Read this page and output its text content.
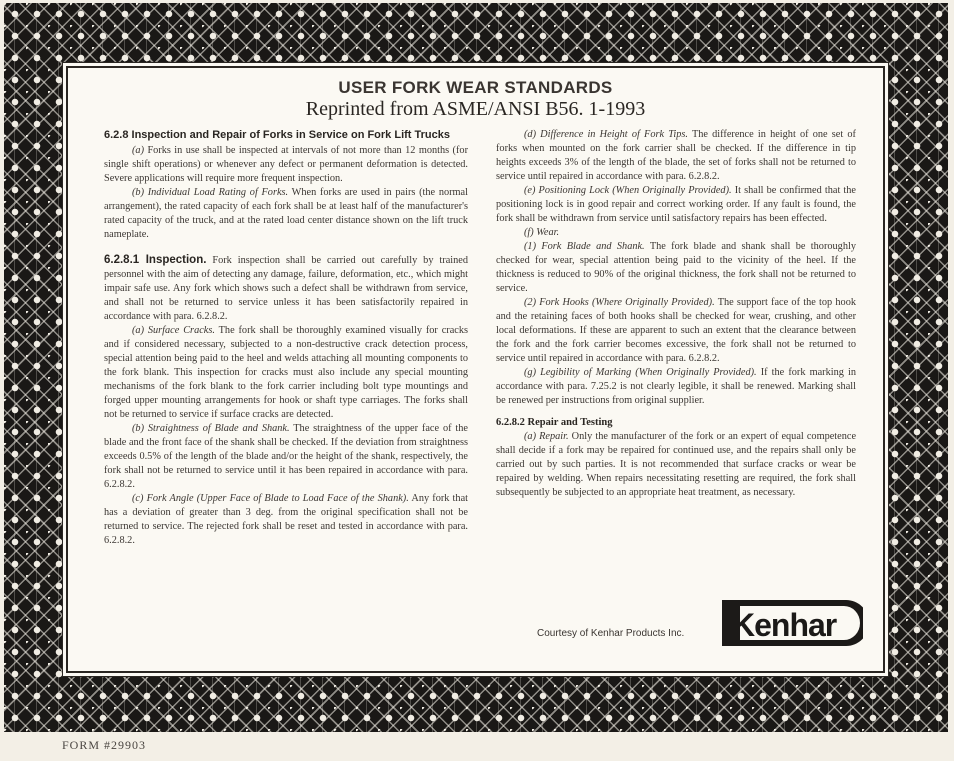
USER FORK WEAR STANDARDS
Reprinted from ASME/ANSI B56. 1-1993
6.2.8 Inspection and Repair of Forks in Service on Fork Lift Trucks

(a) Forks in use shall be inspected at intervals of not more than 12 months (for single shift operations) or whenever any defect or permanent deformation is detected. Severe applications will require more frequent inspection.

(b) Individual Load Rating of Forks. When forks are used in pairs (the normal arrangement), the rated capacity of each fork shall be at least half of the manufacturer's rated capacity of the truck, and at the rated load center distance shown on the lift truck nameplate.

6.2.8.1 Inspection. Fork inspection shall be carried out carefully by trained personnel with the aim of detecting any damage, failure, deformation, etc., which might impair safe use. Any fork which shows such a defect shall be withdrawn from service, and shall not be returned to service unless it has been satisfactorily repaired in accordance with para. 6.2.8.2.

(a) Surface Cracks. The fork shall be thoroughly examined visually for cracks and if considered necessary, subjected to a non-destructive crack detection process, special attention being paid to the heel and welds attaching all mounting components to the fork blank. This inspection for cracks must also include any special mounting mechanisms of the fork blank to the fork carrier including bolt type mountings and forged upper mounting arrangements for hook or shaft type carriages. The forks shall not be returned to service if surface cracks are detected.

(b) Straightness of Blade and Shank. The straightness of the upper face of the blade and the front face of the shank shall be checked. If the deviation from straightness exceeds 0.5% of the length of the blade and/or the height of the shank, respectively, the fork shall not be returned to service until it has been repaired in accordance with para. 6.2.8.2.

(c) Fork Angle (Upper Face of Blade to Load Face of the Shank). Any fork that has a deviation of greater than 3 deg. from the original specification shall not be returned to service. The rejected fork shall be reset and tested in accordance with para. 6.2.8.2.

(d) Difference in Height of Fork Tips. The difference in height of one set of forks when mounted on the fork carrier shall be checked. If the difference in tip heights exceeds 3% of the length of the blade, the set of forks shall not be returned to service until repaired in accordance with para. 6.2.8.2.

(e) Positioning Lock (When Originally Provided). It shall be confirmed that the positioning lock is in good repair and correct working order. If any fault is found, the fork shall be withdrawn from service until satisfactory repairs has been effected.

(f) Wear.

(1) Fork Blade and Shank. The fork blade and shank shall be thoroughly checked for wear, special attention being paid to the vicinity of the heel. If the thickness is reduced to 90% of the original thickness, the fork shall not be returned to service.

(2) Fork Hooks (Where Originally Provided). The support face of the top hook and the retaining faces of both hooks shall be checked for wear, crushing, and other local deformations. If these are apparent to such an extent that the clearance between the fork and the fork carrier becomes excessive, the fork shall not be returned to service until repaired in accordance with para. 6.2.8.2.

(g) Legibility of Marking (When Originally Provided). If the fork marking in accordance with para. 7.25.2 is not clearly legible, it shall be renewed. Marking shall be renewed per instructions from original supplier.

6.2.8.2 Repair and Testing

(a) Repair. Only the manufacturer of the fork or an expert of equal competence shall decide if a fork may be repaired for continued use, and the repairs shall only be carried out by such parties. It is not recommended that surface cracks or wear be repaired by welding. When repairs necessitating resetting are required, the fork shall subsequently be subjected to an appropriate heat treatment, as necessary.

Courtesy of Kenhar Products Inc. Kenhar
FORM #29903
